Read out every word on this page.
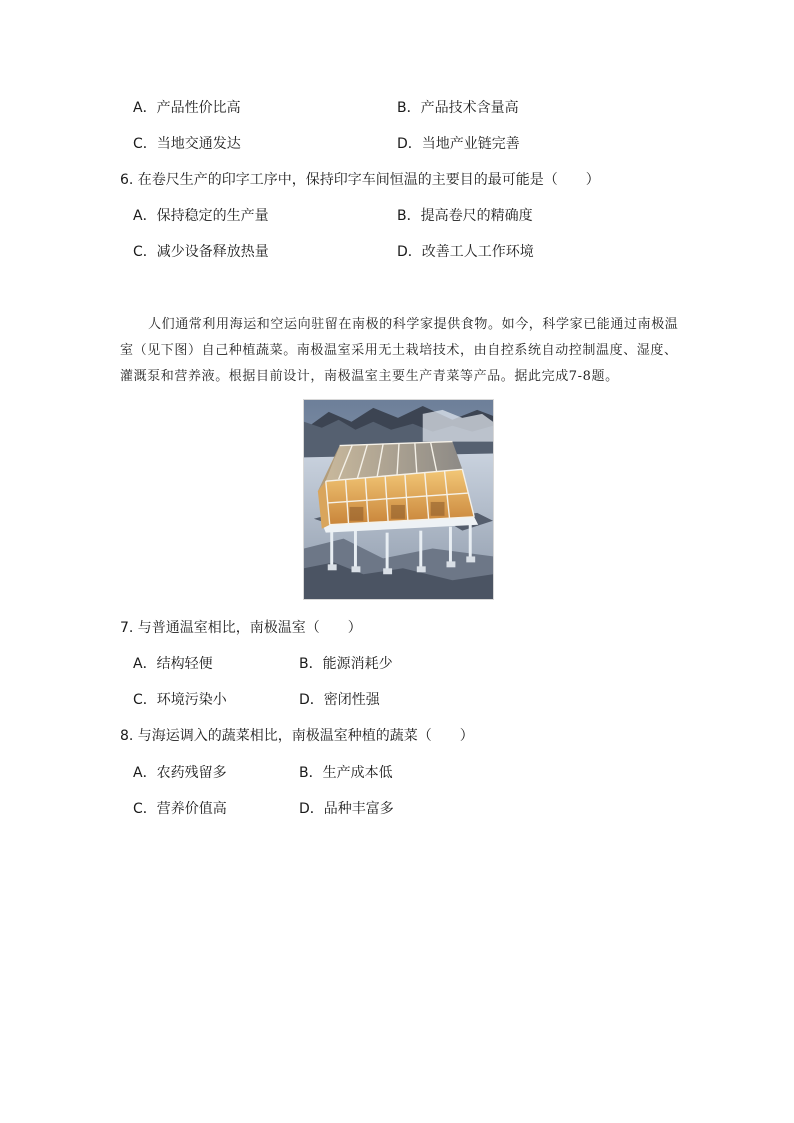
A．产品性价比高	B．产品技术含量高
C．当地交通发达	D．当地产业链完善
6. 在卷尺生产的印字工序中，保持印字车间恒温的主要目的最可能是（　　）
A．保持稳定的生产量	B．提高卷尺的精确度
C．减少设备释放热量	D．改善工人工作环境
人们通常利用海运和空运向驻留在南极的科学家提供食物。如今，科学家已能通过南极温室（见下图）自己种植蔬菜。南极温室采用无土栽培技术，由自控系统自动控制温度、湿度、灌溉泵和营养液。根据目前设计，南极温室主要生产青菜等产品。据此完成7-8题。
7. 与普通温室相比，南极温室（　　）
A．结构轻便	B．能源消耗少
C．环境污染小	D．密闭性强
8. 与海运调入的蔬菜相比，南极温室种植的蔬菜（　　）
A．农药残留多	B．生产成本低
C．营养价值高	D．品种丰富多
